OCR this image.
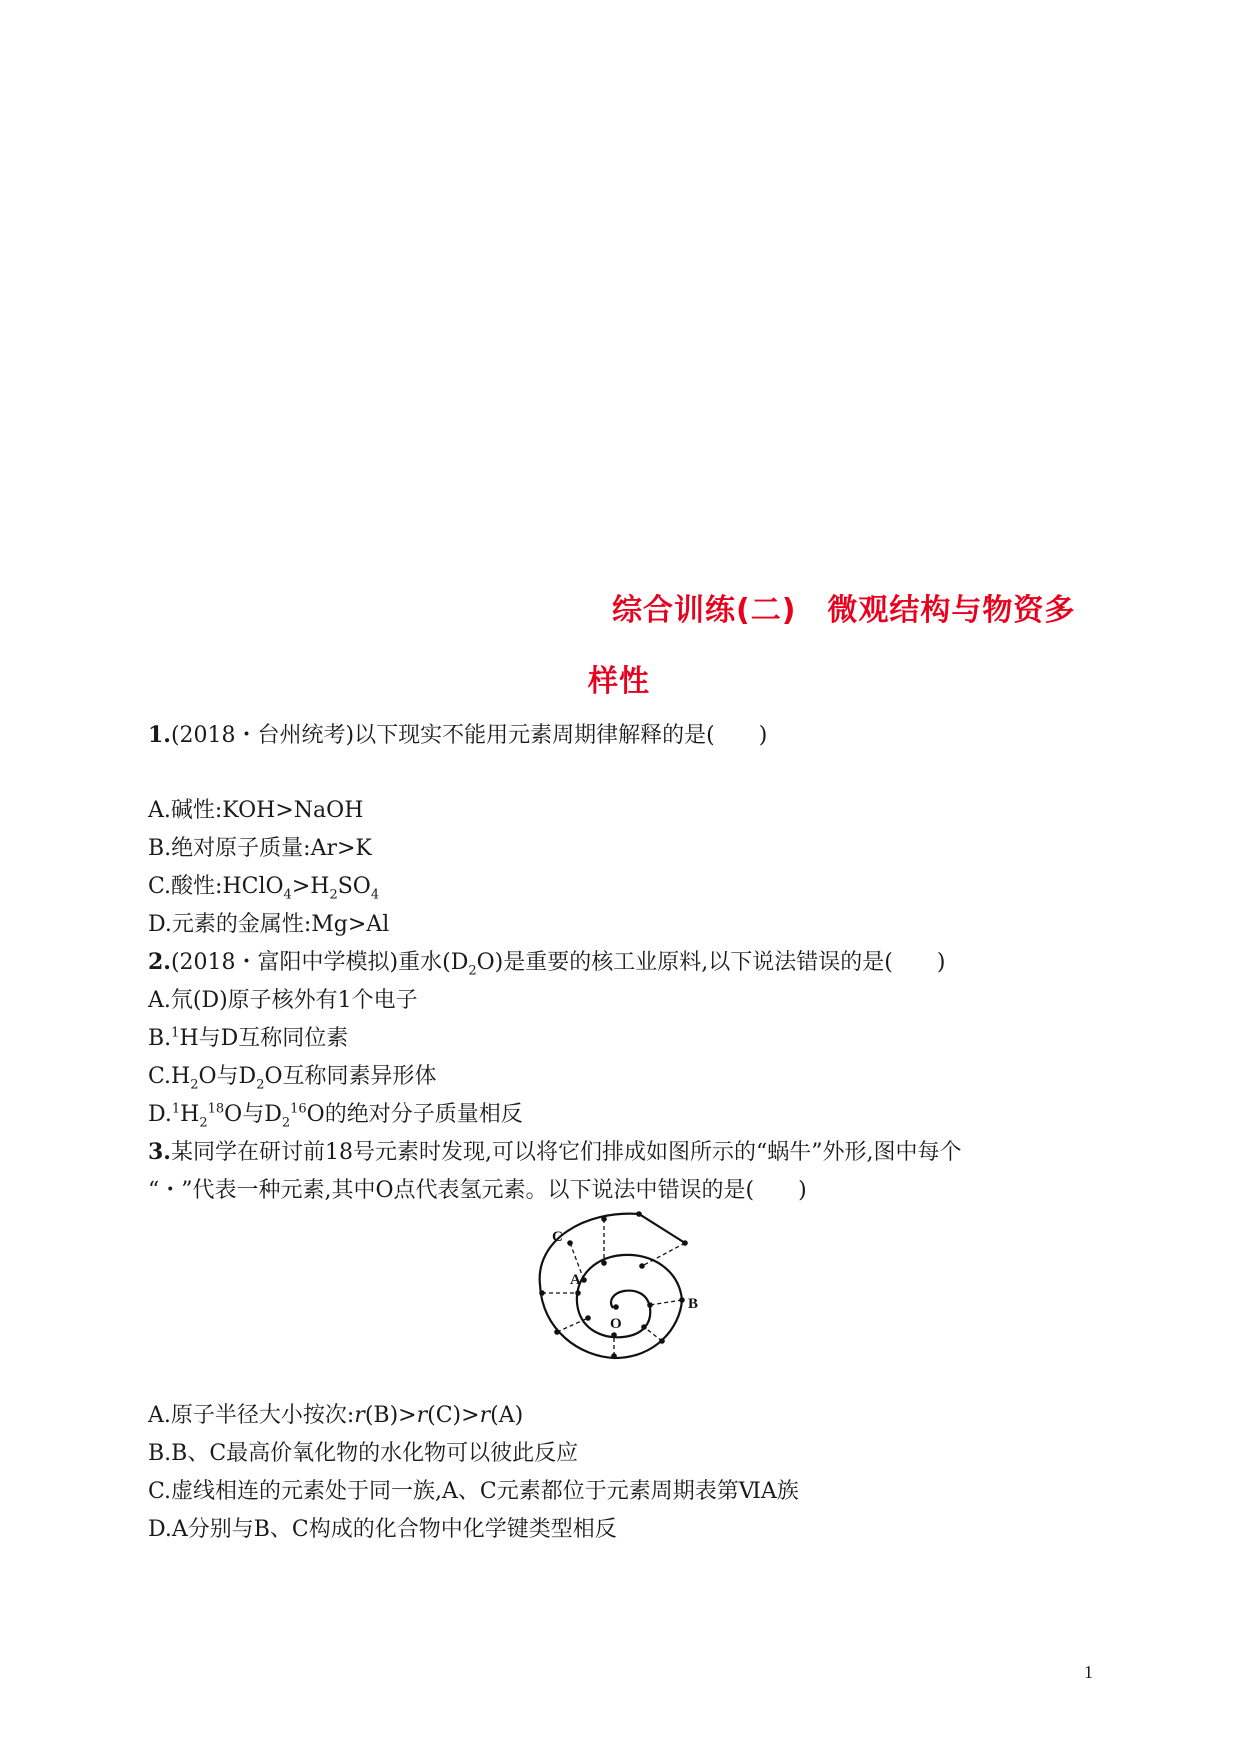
综合训练(二)　微观结构与物资多
样性
1.(2018・台州统考)以下现实不能用元素周期律解释的是(　　)
A.碱性:KOH>NaOH
B.绝对原子质量:Ar>K
C.酸性$:HClO_4>H_2SO_4$
D.元素的金属性:Mg>Al
2.(2018・富阳中学模拟)重水$(D_2O)$是重要的核工业原料,以下说法错误的是(　　)
A.氘(D)原子核外有1个电子
B.$^1$H与D互称同位素
$C.H_2O$与$D_2O$互称同素异形体
$D.^1H_2^{18}O$与$D_2^{16}O$的绝对分子质量相反
3.某同学在研讨前18号元素时发现,可以将它们排成如图所示的“蜗牛”外形,图中每个
“・”代表一种元素,其中O点代表氢元素。以下说法中错误的是(　　)
C
A
O
B
A.原子半径大小按次:r(B)>r(C)>r(A)
B.B、C最高价氧化物的水化物可以彼此反应
C.虚线相连的元素处于同一族,A、C元素都位于元素周期表第ⅥA族
D.A分别与B、C构成的化合物中化学键类型相反
1
